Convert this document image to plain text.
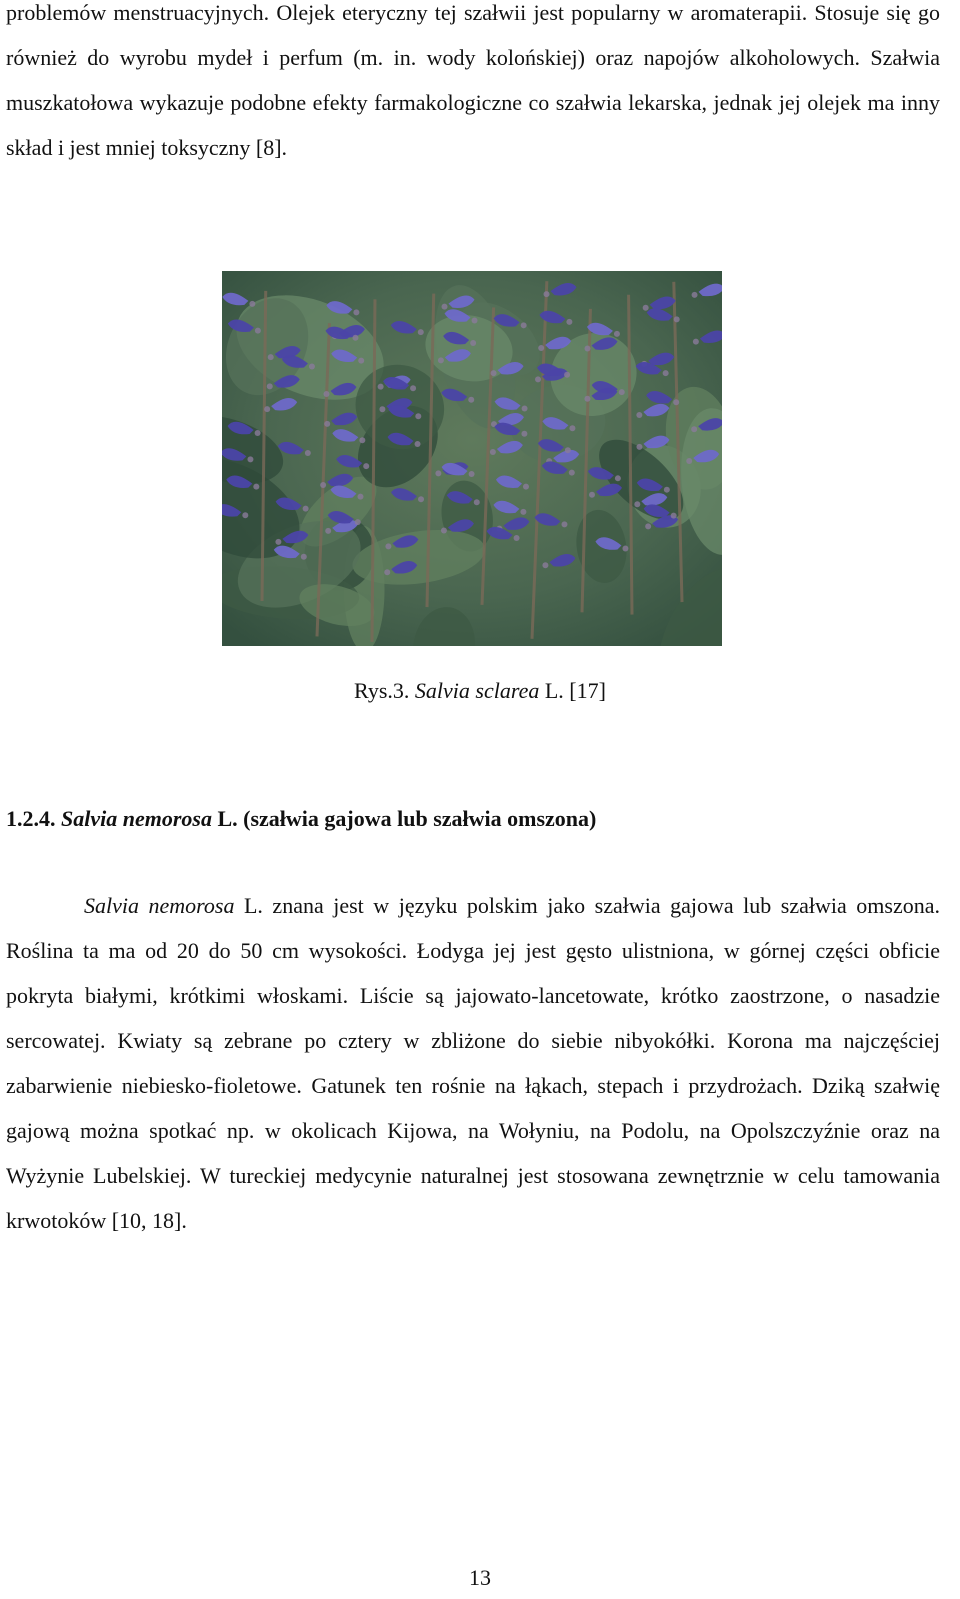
problemów menstruacyjnych. Olejek eteryczny tej szałwii jest popularny w aromaterapii. Stosuje się go również do wyrobu mydeł i perfum (m. in. wody kolońskiej) oraz napojów alkoholowych. Szałwia muszkatołowa wykazuje podobne efekty farmakologiczne co szałwia lekarska, jednak jej olejek ma inny skład i jest mniej toksyczny [8].

Rys.3. Salvia sclarea L. [17]

1.2.4. Salvia nemorosa L. (szałwia gajowa lub szałwia omszona)

Salvia nemorosa L. znana jest w języku polskim jako szałwia gajowa lub szałwia omszona. Roślina ta ma od 20 do 50 cm wysokości. Łodyga jej jest gęsto ulistniona, w górnej części obficie pokryta białymi, krótkimi włoskami. Liście są jajowato-lancetowate, krótko zaostrzone, o nasadzie sercowatej. Kwiaty są zebrane po cztery w zbliżone do siebie nibyokółki. Korona ma najczęściej zabarwienie niebiesko-fioletowe. Gatunek ten rośnie na łąkach, stepach i przydrożach. Dziką szałwię gajową można spotkać np. w okolicach Kijowa, na Wołyniu, na Podolu, na Opolszczyźnie oraz na Wyżynie Lubelskiej. W tureckiej medycynie naturalnej jest stosowana zewnętrznie w celu tamowania krwotoków [10, 18].

13
